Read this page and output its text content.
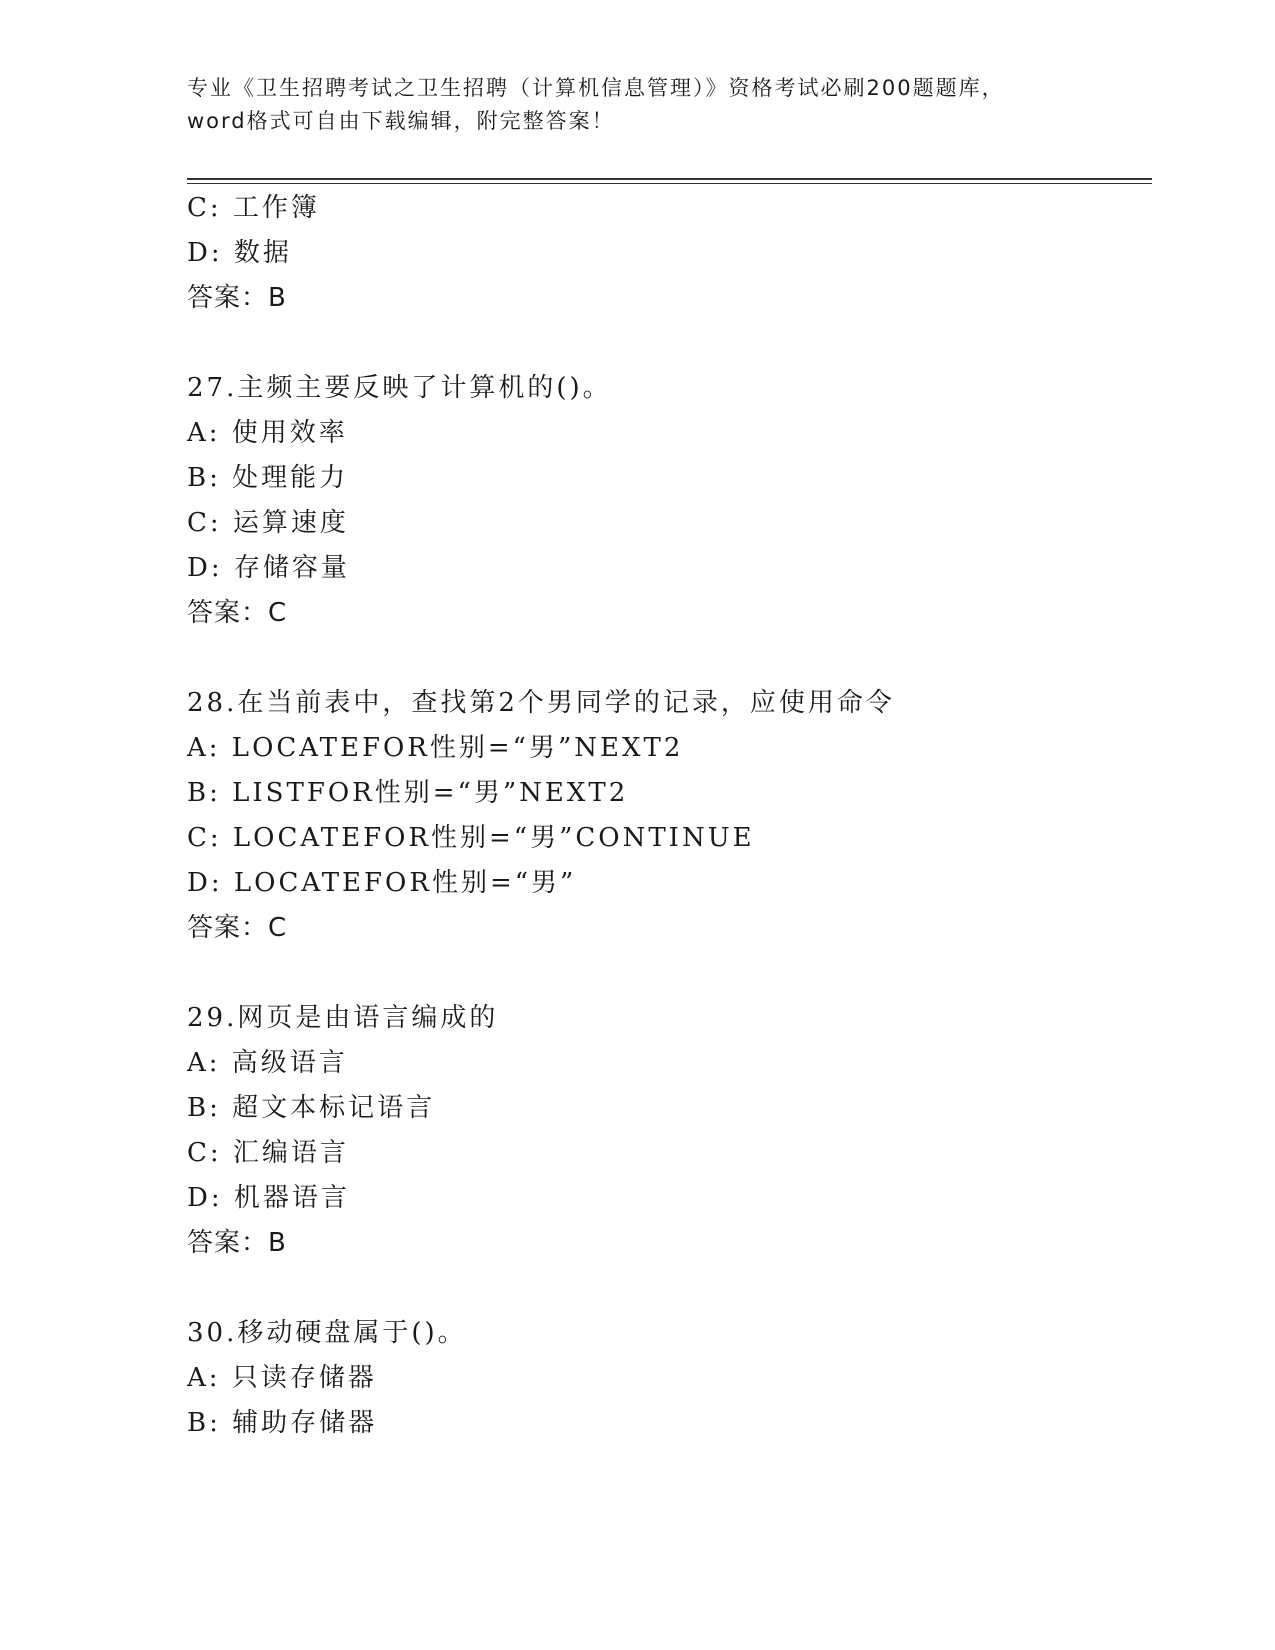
专业《卫生招聘考试之卫生招聘（计算机信息管理）》资格考试必刷200题题库，
word格式可自由下载编辑，附完整答案！
C: 工作簿
D: 数据
答案：B
27.主频主要反映了计算机的()。
A: 使用效率
B: 处理能力
C: 运算速度
D: 存储容量
答案：C
28.在当前表中，查找第2个男同学的记录，应使用命令
A: LOCATEFOR性别=“男”NEXT2
B: LISTFOR性别=“男”NEXT2
C: LOCATEFOR性别=“男”CONTINUE
D: LOCATEFOR性别=“男”
答案：C
29.网页是由语言编成的
A: 高级语言
B: 超文本标记语言
C: 汇编语言
D: 机器语言
答案：B
30.移动硬盘属于()。
A: 只读存储器
B: 辅助存储器
